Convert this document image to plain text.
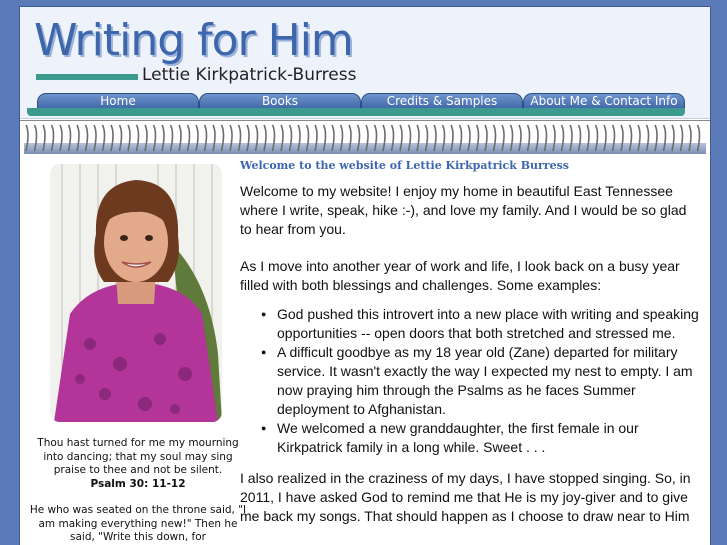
Writing for Him
Lettie Kirkpatrick-Burress
Home	Books	Credits & Samples	About Me & Contact Info
Thou hast turned for me my mourning into dancing; that my soul may sing praise to thee and not be silent.
Psalm 30: 11-12
He who was seated on the throne said, "I am making everything new!" Then he said, "Write this down, for
Welcome to the website of Lettie Kirkpatrick Burress

Welcome to my website! I enjoy my home in beautiful East Tennessee where I write, speak, hike :-), and love my family. And I would be so glad to hear from you.

As I move into another year of work and life, I look back on a busy year filled with both blessings and challenges. Some examples:

● God pushed this introvert into a new place with writing and speaking opportunities -- open doors that both stretched and stressed me.
● A difficult goodbye as my 18 year old (Zane) departed for military service. It wasn't exactly the way I expected my nest to empty. I am now praying him through the Psalms as he faces Summer deployment to Afghanistan.
● We welcomed a new granddaughter, the first female in our Kirkpatrick family in a long while. Sweet . . .

I also realized in the craziness of my days, I have stopped singing. So, in 2011, I have asked God to remind me that He is my joy-giver and to give me back my songs. That should happen as I choose to draw near to Him
